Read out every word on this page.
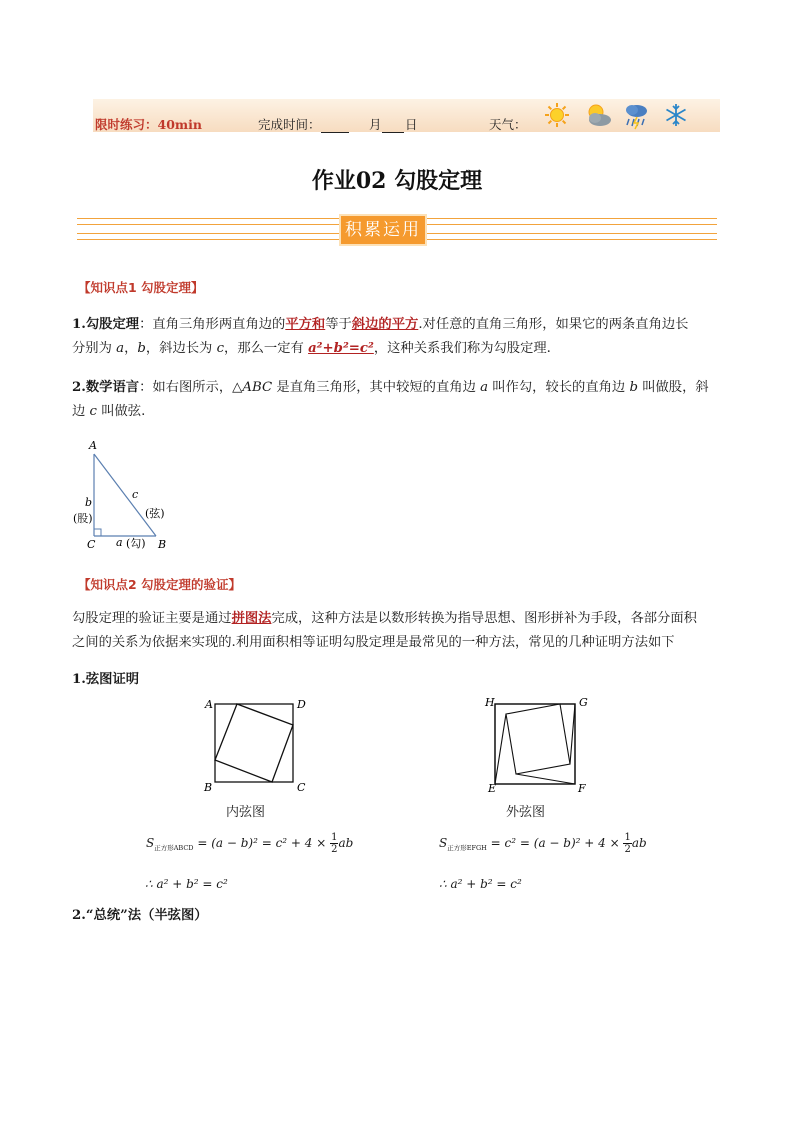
限时练习：40min	完成时间：	月	日	天气：
作业02 勾股定理
积累运用
【知识点1 勾股定理】
1.勾股定理：直角三角形两直角边的平方和等于斜边的平方.对任意的直角三角形，如果它的两条直角边长
分别为 a，b，斜边长为 c，那么一定有 a²+b²=c²，这种关系我们称为勾股定理.
2.数学语言：如右图所示，△ABC 是直角三角形，其中较短的直角边 a 叫作勾，较长的直角边 b 叫做股，斜
边 c 叫做弦.
A
C	B
b
(股)
a (勾)
c
(弦)
【知识点2 勾股定理的验证】
勾股定理的验证主要是通过拼图法完成，这种方法是以数形转换为指导思想、图形拼补为手段，各部分面积
之间的关系为依据来实现的.利用面积相等证明勾股定理是最常见的一种方法，常见的几种证明方法如下
1.弦图证明
A	D
B	C
内弦图
H	G
E	F
外弦图
$S_{正方形ABCD} = (a - b)^2 = c^2 + 4 \times \frac{1}{2}$ ab	$S_{正方形EFGH} = c^2 = (a - b)^2 + 4 \times \frac{1}{2}$ ab
∴ a² + b² = c²	∴ a² + b² = c²
2.“总统”法（半弦图）
